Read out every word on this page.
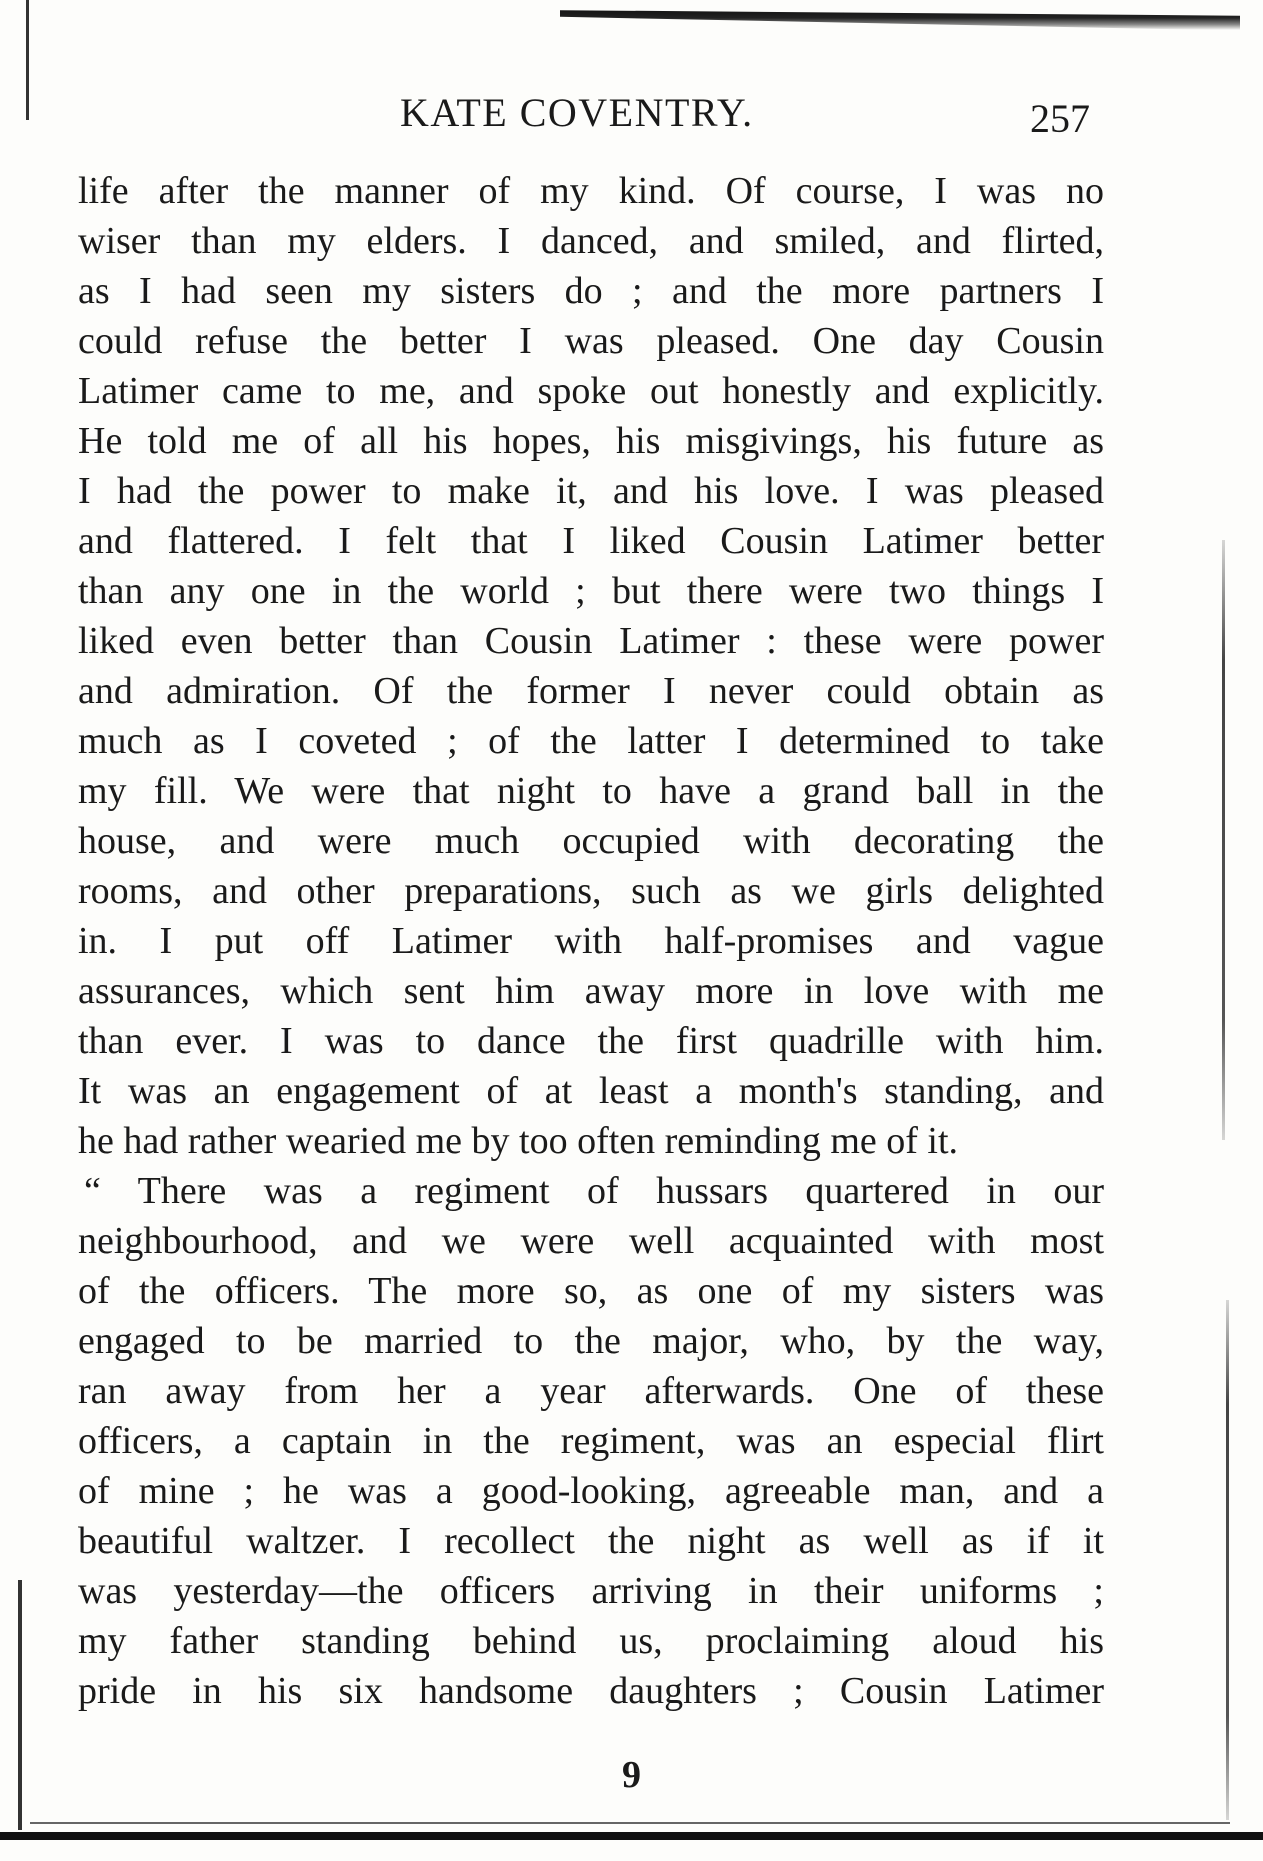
KATE COVENTRY.	257
life after the manner of my kind. Of course, I was no
wiser than my elders. I danced, and smiled, and flirted,
as I had seen my sisters do ; and the more partners I
could refuse the better I was pleased. One day Cousin
Latimer came to me, and spoke out honestly and explicitly.
He told me of all his hopes, his misgivings, his future as
I had the power to make it, and his love. I was pleased
and flattered. I felt that I liked Cousin Latimer better
than any one in the world ; but there were two things I
liked even better than Cousin Latimer : these were power
and admiration. Of the former I never could obtain as
much as I coveted ; of the latter I determined to take
my fill. We were that night to have a grand ball in the
house, and were much occupied with decorating the
rooms, and other preparations, such as we girls delighted
in. I put off Latimer with half-promises and vague
assurances, which sent him away more in love with me
than ever. I was to dance the first quadrille with him.
It was an engagement of at least a month's standing, and
he had rather wearied me by too often reminding me of it.
“ There was a regiment of hussars quartered in our
neighbourhood, and we were well acquainted with most
of the officers. The more so, as one of my sisters was
engaged to be married to the major, who, by the way,
ran away from her a year afterwards. One of these
officers, a captain in the regiment, was an especial flirt
of mine ; he was a good-looking, agreeable man, and a
beautiful waltzer. I recollect the night as well as if it
was yesterday—the officers arriving in their uniforms ;
my father standing behind us, proclaiming aloud his
pride in his six handsome daughters ; Cousin Latimer
9
